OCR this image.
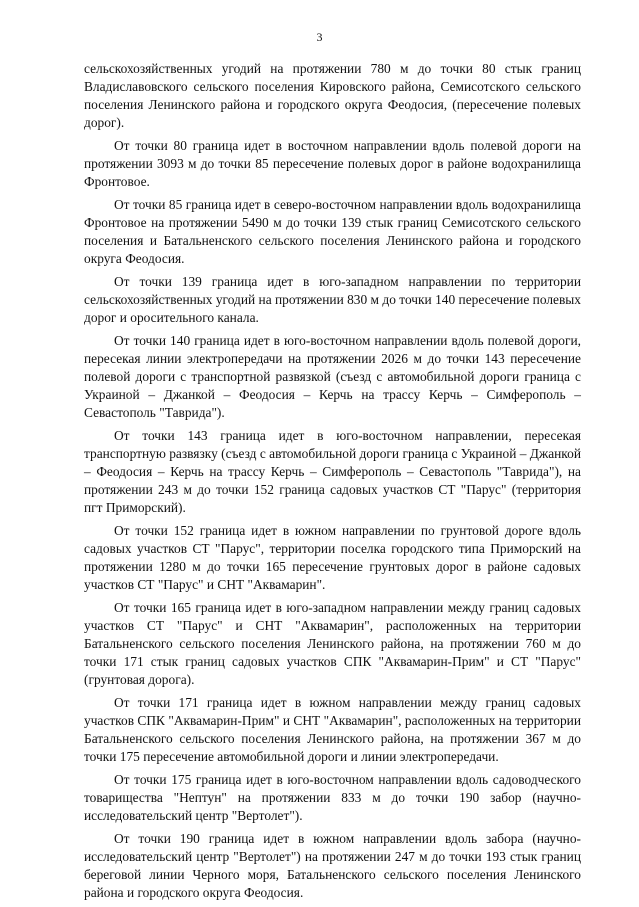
3

сельскохозяйственных угодий на протяжении 780 м до точки 80 стык границ Владиславовского сельского поселения Кировского района, Семисотского сельского поселения Ленинского района и городского округа Феодосия, (пересечение полевых дорог).

От точки 80 граница идет в восточном направлении вдоль полевой дороги на протяжении 3093 м до точки 85 пересечение полевых дорог в районе водохранилища Фронтовое.

От точки 85 граница идет в северо-восточном направлении вдоль водохранилища Фронтовое на протяжении 5490 м до точки 139 стык границ Семисотского сельского поселения и Батальненского сельского поселения Ленинского района и городского округа Феодосия.

От точки 139 граница идет в юго-западном направлении по территории сельскохозяйственных угодий на протяжении 830 м до точки 140 пересечение полевых дорог и оросительного канала.

От точки 140 граница идет в юго-восточном направлении вдоль полевой дороги, пересекая линии электропередачи на протяжении 2026 м до точки 143 пересечение полевой дороги с транспортной развязкой (съезд с автомобильной дороги граница с Украиной – Джанкой – Феодосия – Керчь на трассу Керчь – Симферополь – Севастополь "Таврида").

От точки 143 граница идет в юго-восточном направлении, пересекая транспортную развязку (съезд с автомобильной дороги граница с Украиной – Джанкой – Феодосия – Керчь на трассу Керчь – Симферополь – Севастополь "Таврида"), на протяжении 243 м до точки 152 граница садовых участков СТ "Парус" (территория пгт Приморский).

От точки 152 граница идет в южном направлении по грунтовой дороге вдоль садовых участков СТ "Парус", территории поселка городского типа Приморский на протяжении 1280 м до точки 165 пересечение грунтовых дорог в районе садовых участков СТ "Парус" и СНТ "Аквамарин".

От точки 165 граница идет в юго-западном направлении между границ садовых участков СТ "Парус" и СНТ "Аквамарин", расположенных на территории Батальненского сельского поселения Ленинского района, на протяжении 760 м до точки 171 стык границ садовых участков СПК "Аквамарин-Прим" и СТ "Парус" (грунтовая дорога).

От точки 171 граница идет в южном направлении между границ садовых участков СПК "Аквамарин-Прим" и СНТ "Аквамарин", расположенных на территории Батальненского сельского поселения Ленинского района, на протяжении 367 м до точки 175 пересечение автомобильной дороги и линии электропередачи.

От точки 175 граница идет в юго-восточном направлении вдоль садоводческого товарищества "Нептун" на протяжении 833 м до точки 190 забор (научно-исследовательский центр "Вертолет").

От точки 190 граница идет в южном направлении вдоль забора (научно-исследовательский центр "Вертолет") на протяжении 247 м до точки 193 стык границ береговой линии Черного моря, Батальненского сельского поселения Ленинского района и городского округа Феодосия.
